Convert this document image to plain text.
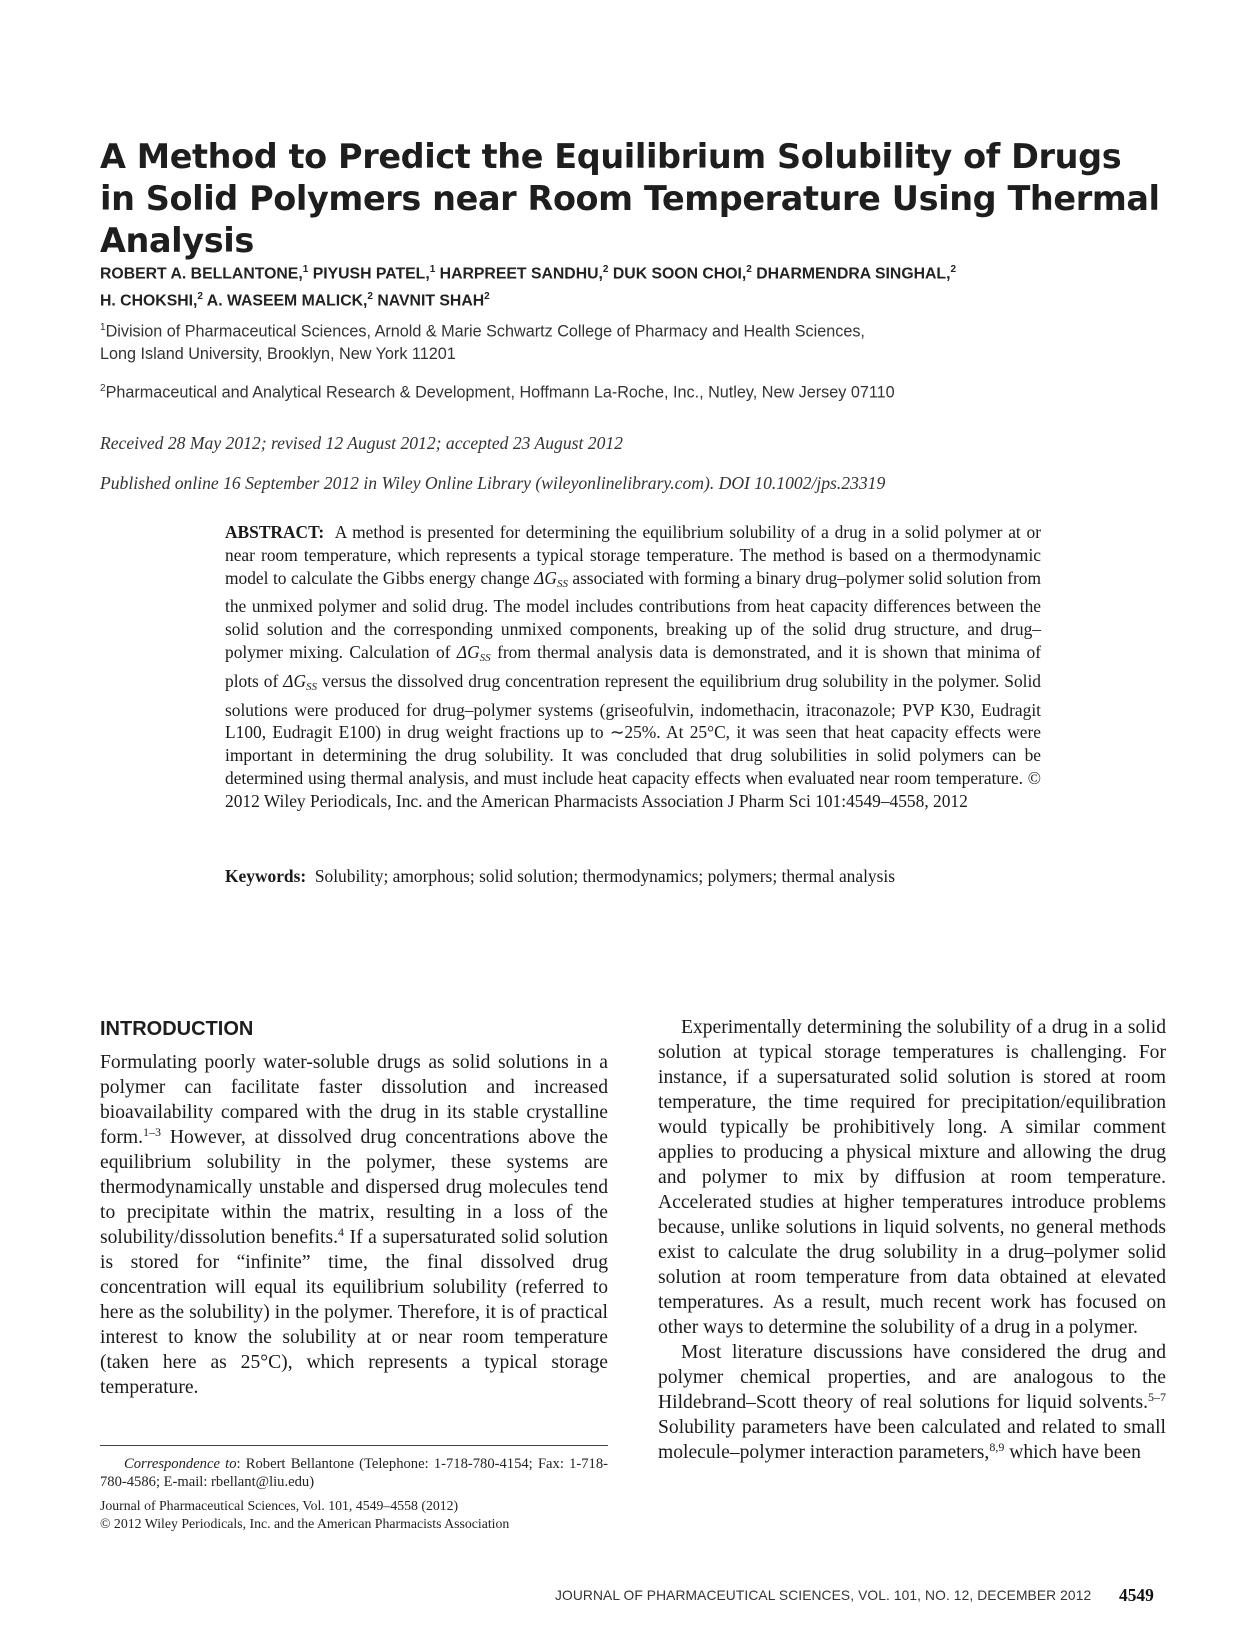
A Method to Predict the Equilibrium Solubility of Drugs in Solid Polymers near Room Temperature Using Thermal Analysis
ROBERT A. BELLANTONE,$^1$ PIYUSH PATEL,$^1$ HARPREET SANDHU,$^2$ DUK SOON CHOI,$^2$ DHARMENDRA SINGHAL,$^2$
H. CHOKSHI,$^2$ A. WASEEM MALICK,$^2$ NAVNIT SHAH$^2$
$^1$Division of Pharmaceutical Sciences, Arnold & Marie Schwartz College of Pharmacy and Health Sciences,
Long Island University, Brooklyn, New York 11201
$^2$Pharmaceutical and Analytical Research & Development, Hoffmann La-Roche, Inc., Nutley, New Jersey 07110
Received 28 May 2012; revised 12 August 2012; accepted 23 August 2012
Published online 16 September 2012 in Wiley Online Library (wileyonlinelibrary.com). DOI 10.1002/jps.23319
ABSTRACT: A method is presented for determining the equilibrium solubility of a drug in a solid polymer at or near room temperature, which represents a typical storage temperature. The method is based on a thermodynamic model to calculate the Gibbs energy change $\Delta G_{SS}$ associated with forming a binary drug–polymer solid solution from the unmixed polymer and solid drug. The model includes contributions from heat capacity differences between the solid solution and the corresponding unmixed components, breaking up of the solid drug structure, and drug–polymer mixing. Calculation of $\Delta G_{SS}$ from thermal analysis data is demonstrated, and it is shown that minima of plots of $\Delta G_{SS}$ versus the dissolved drug concentration represent the equilibrium drug solubility in the polymer. Solid solutions were produced for drug–polymer systems (griseofulvin, indomethacin, itraconazole; PVP K30, Eudragit L100, Eudragit E100) in drug weight fractions up to ∼25%. At 25°C, it was seen that heat capacity effects were important in determining the drug solubility. It was concluded that drug solubilities in solid polymers can be determined using thermal analysis, and must include heat capacity effects when evaluated near room temperature. © 2012 Wiley Periodicals, Inc. and the American Pharmacists Association J Pharm Sci 101:4549–4558, 2012
Keywords: Solubility; amorphous; solid solution; thermodynamics; polymers; thermal analysis
INTRODUCTION

Formulating poorly water-soluble drugs as solid solutions in a polymer can facilitate faster dissolution and increased bioavailability compared with the drug in its stable crystalline form.$^{1-3}$ However, at dissolved drug concentrations above the equilibrium solubility in the polymer, these systems are thermodynamically unstable and dispersed drug molecules tend to precipitate within the matrix, resulting in a loss of the solubility/dissolution benefits.$^4$ If a supersaturated solid solution is stored for “infinite” time, the final dissolved drug concentration will equal its equilibrium solubility (referred to here as the solubility) in the polymer. Therefore, it is of practical interest to know the solubility at or near room temperature (taken here as 25°C), which represents a typical storage temperature.

Experimentally determining the solubility of a drug in a solid solution at typical storage temperatures is challenging. For instance, if a supersaturated solid solution is stored at room temperature, the time required for precipitation/equilibration would typically be prohibitively long. A similar comment applies to producing a physical mixture and allowing the drug and polymer to mix by diffusion at room temperature. Accelerated studies at higher temperatures introduce problems because, unlike solutions in liquid solvents, no general methods exist to calculate the drug solubility in a drug–polymer solid solution at room temperature from data obtained at elevated temperatures. As a result, much recent work has focused on other ways to determine the solubility of a drug in a polymer.

Most literature discussions have considered the drug and polymer chemical properties, and are analogous to the Hildebrand–Scott theory of real solutions for liquid solvents.$^{5-7}$ Solubility parameters have been calculated and related to small molecule–polymer interaction parameters,$^{8,9}$ which have been

Correspondence to: Robert Bellantone (Telephone: 1-718-780-4154; Fax: 1-718-780-4586; E-mail: rbellant@liu.edu)
Journal of Pharmaceutical Sciences, Vol. 101, 4549–4558 (2012)
© 2012 Wiley Periodicals, Inc. and the American Pharmacists Association
JOURNAL OF PHARMACEUTICAL SCIENCES, VOL. 101, NO. 12, DECEMBER 2012 4549
